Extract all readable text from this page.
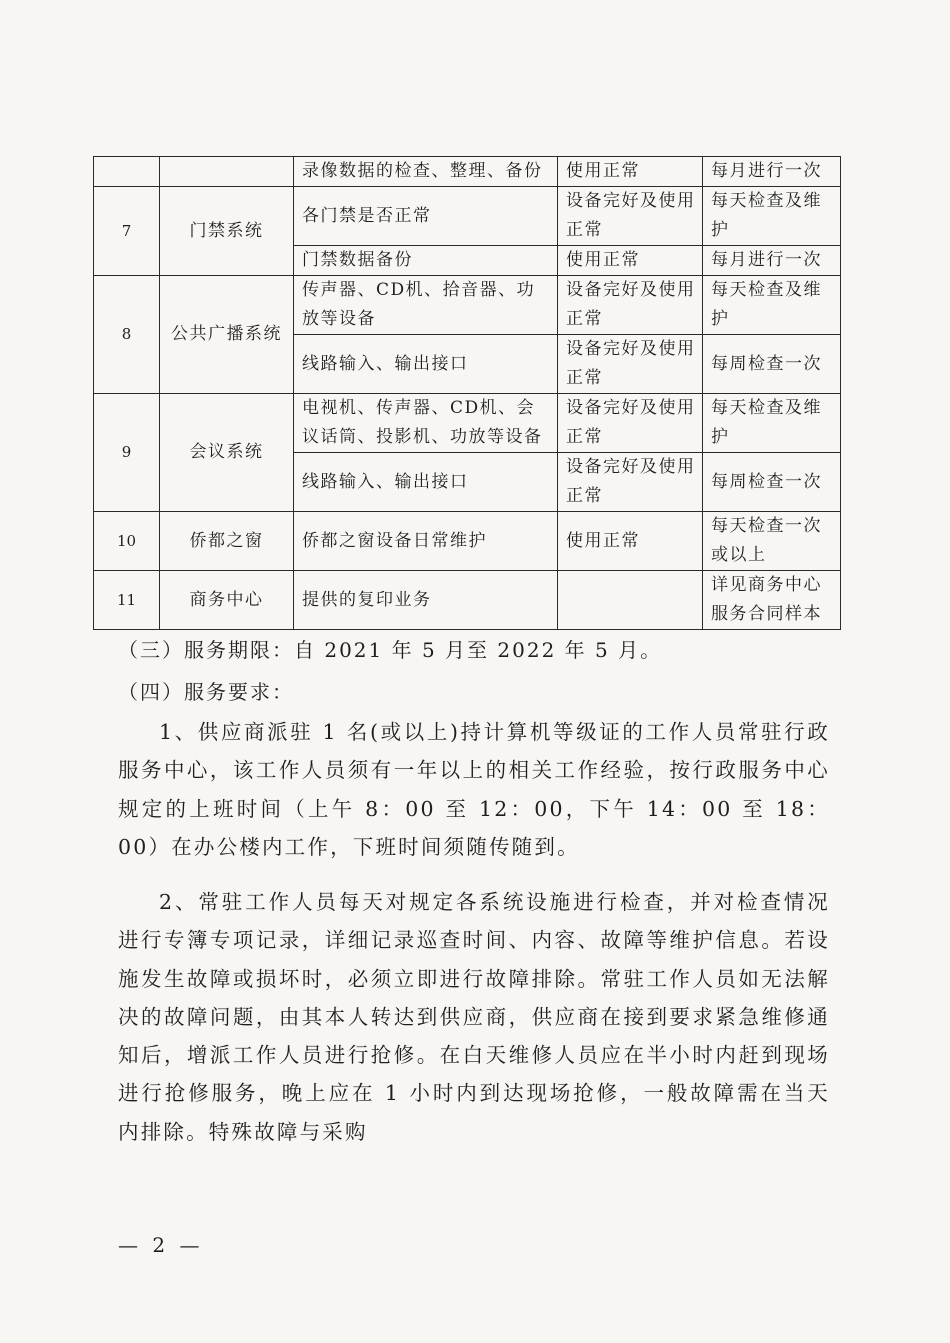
		录像数据的检查、整理、备份	使用正常	每月进行一次
7	门禁系统	各门禁是否正常	设备完好及使用正常	每天检查及维护
		门禁数据备份	使用正常	每月进行一次
8	公共广播系统	传声器、CD机、拾音器、功放等设备	设备完好及使用正常	每天检查及维护
		线路输入、输出接口	设备完好及使用正常	每周检查一次
9	会议系统	电视机、传声器、CD机、会议话筒、投影机、功放等设备	设备完好及使用正常	每天检查及维护
		线路输入、输出接口	设备完好及使用正常	每周检查一次
10	侨都之窗	侨都之窗设备日常维护	使用正常	每天检查一次或以上
11	商务中心	提供的复印业务		详见商务中心服务合同样本
（三）服务期限：自 2021 年 5 月至 2022 年 5 月。
（四）服务要求：

1、供应商派驻 1 名(或以上)持计算机等级证的工作人员常驻行政服务中心，该工作人员须有一年以上的相关工作经验，按行政服务中心规定的上班时间（上午 8：00 至 12：00，下午 14：00 至 18：00）在办公楼内工作，下班时间须随传随到。

2、常驻工作人员每天对规定各系统设施进行检查，并对检查情况进行专簿专项记录，详细记录巡查时间、内容、故障等维护信息。若设施发生故障或损坏时，必须立即进行故障排除。常驻工作人员如无法解决的故障问题，由其本人转达到供应商，供应商在接到要求紧急维修通知后，增派工作人员进行抢修。在白天维修人员应在半小时内赶到现场进行抢修服务，晚上应在 1 小时内到达现场抢修，一般故障需在当天内排除。特殊故障与采购

— 2 —
